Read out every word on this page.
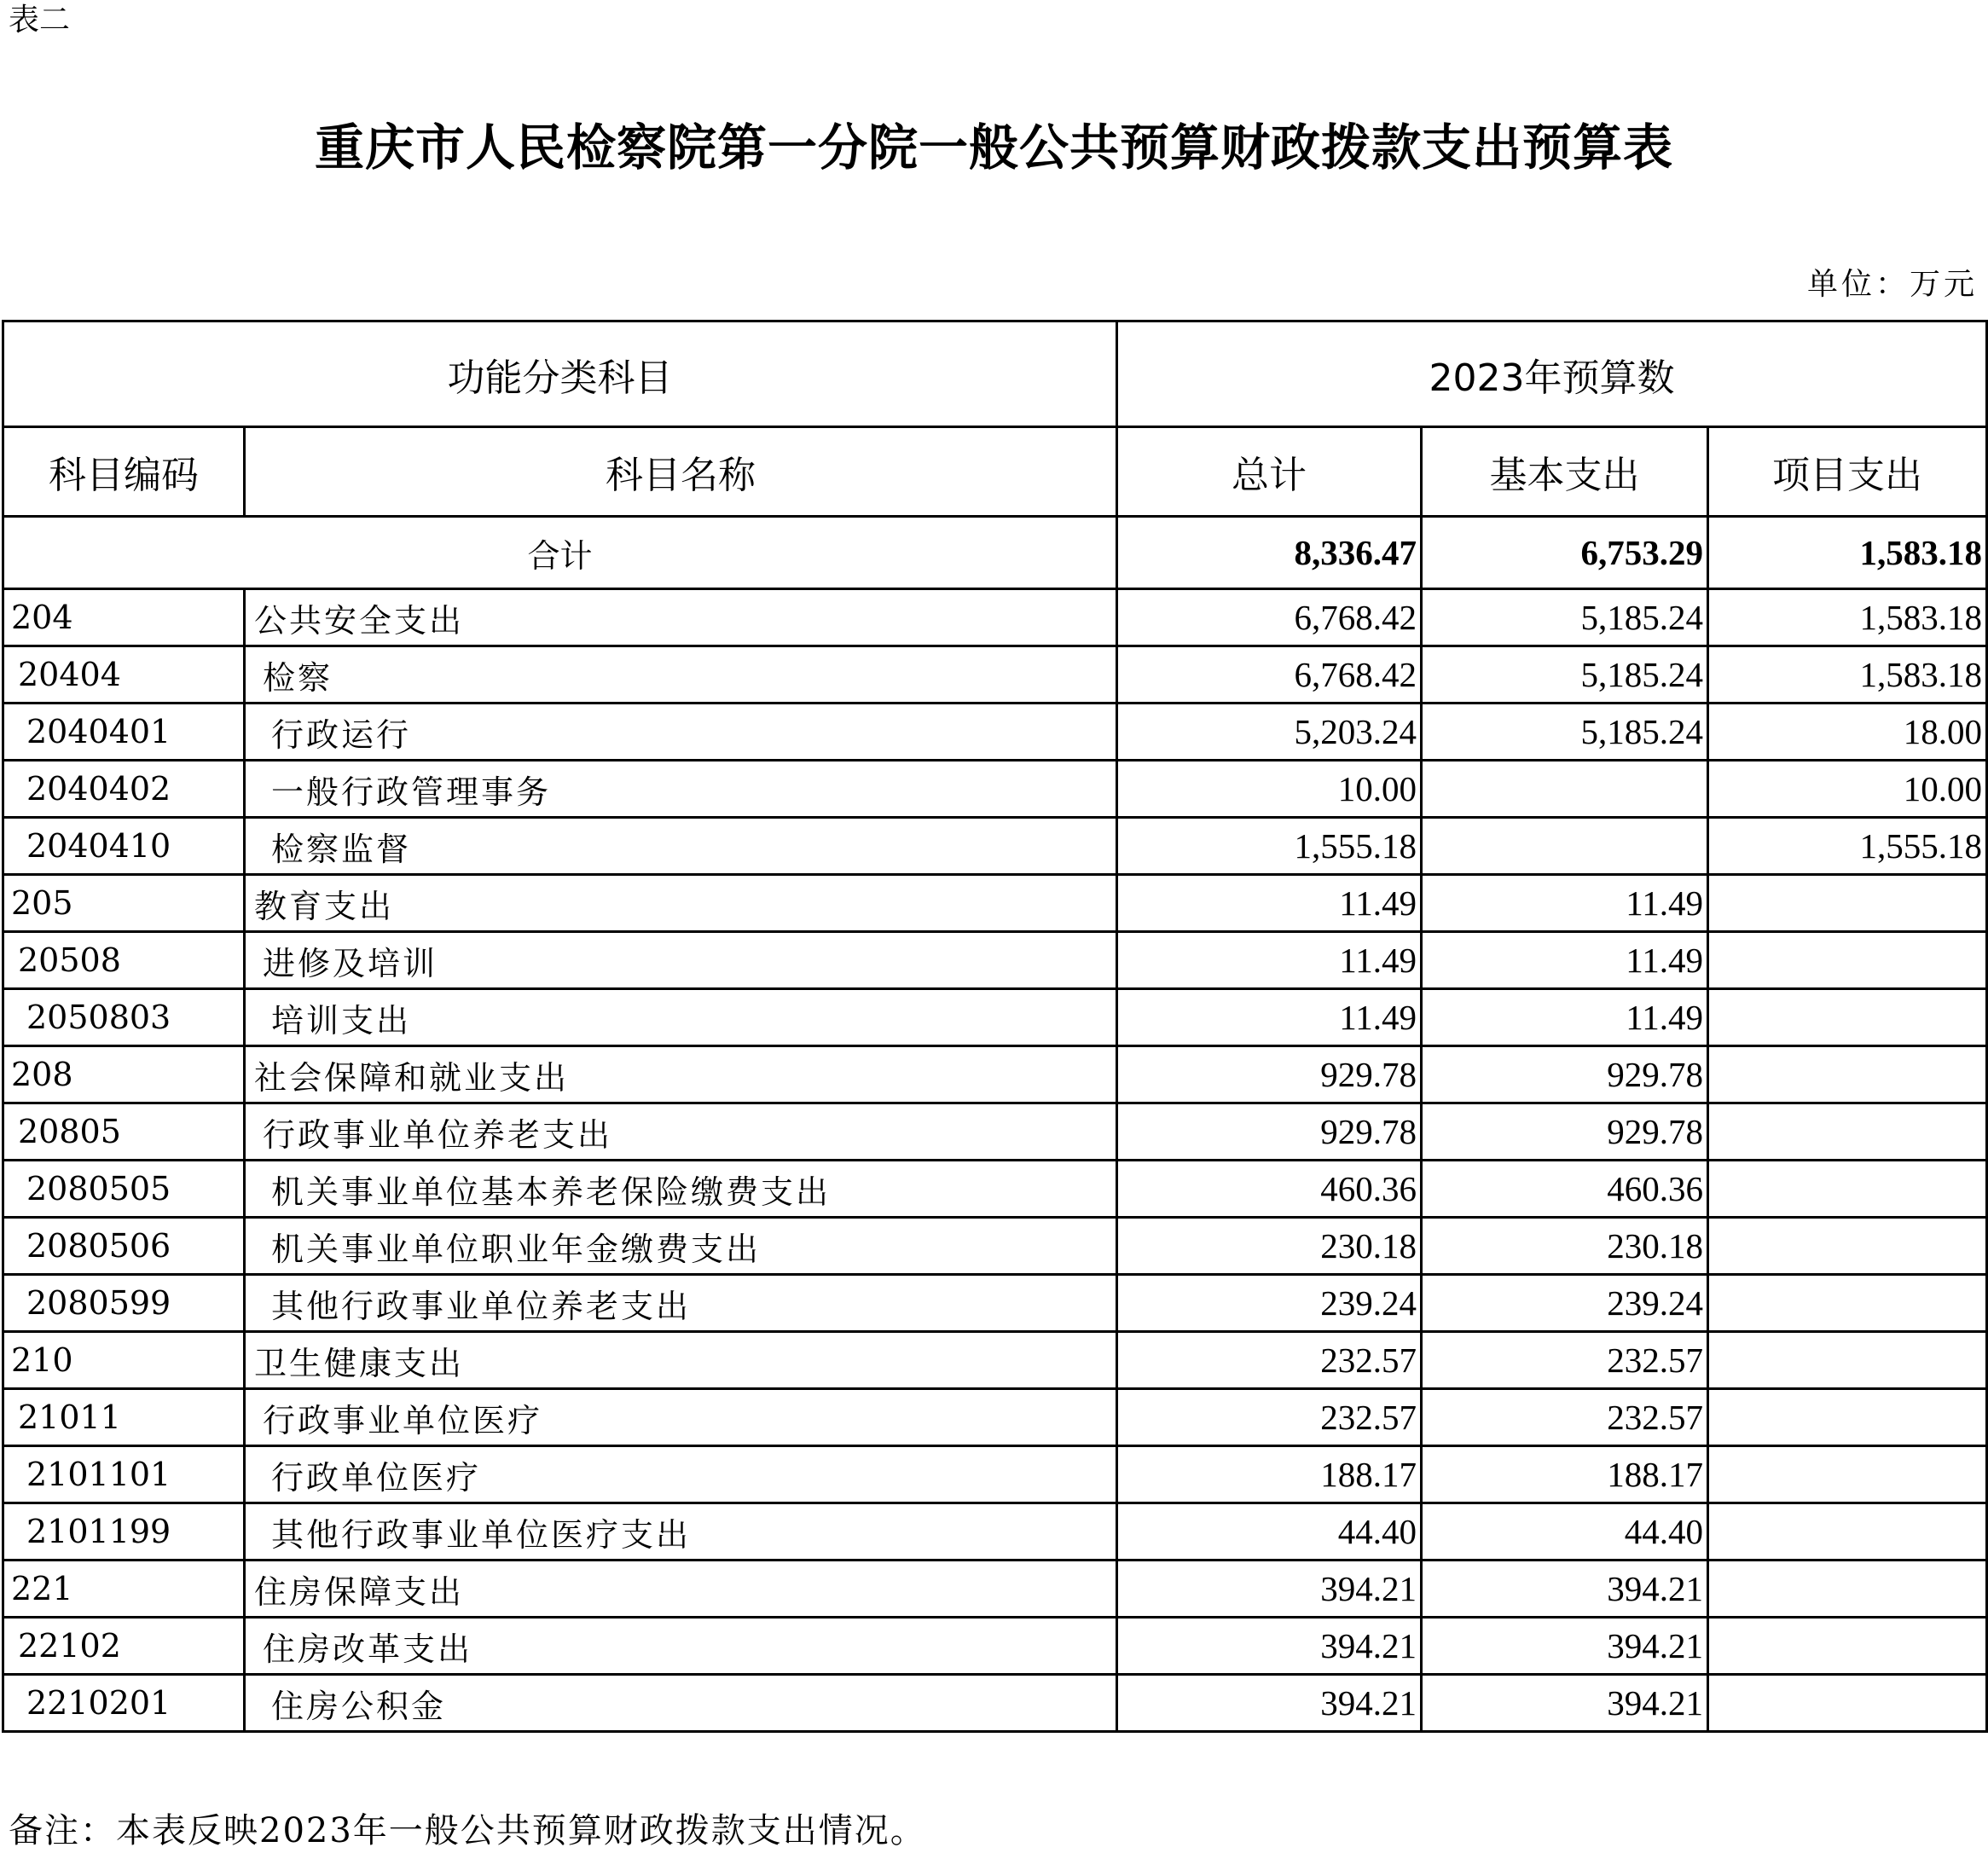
表二
重庆市人民检察院第一分院一般公共预算财政拨款支出预算表
单位：万元
功能分类科目		2023年预算数		
科目编码	科目名称	总计	基本支出	项目支出
合计		8,336.47	6,753.29	1,583.18
204	公共安全支出	6,768.42	5,185.24	1,583.18
20404	检察	6,768.42	5,185.24	1,583.18
2040401	行政运行	5,203.24	5,185.24	18.00
2040402	一般行政管理事务	10.00		10.00
2040410	检察监督	1,555.18		1,555.18
205	教育支出	11.49	11.49	
20508	进修及培训	11.49	11.49	
2050803	培训支出	11.49	11.49	
208	社会保障和就业支出	929.78	929.78	
20805	行政事业单位养老支出	929.78	929.78	
2080505	机关事业单位基本养老保险缴费支出	460.36	460.36	
2080506	机关事业单位职业年金缴费支出	230.18	230.18	
2080599	其他行政事业单位养老支出	239.24	239.24	
210	卫生健康支出	232.57	232.57	
21011	行政事业单位医疗	232.57	232.57	
2101101	行政单位医疗	188.17	188.17	
2101199	其他行政事业单位医疗支出	44.40	44.40	
221	住房保障支出	394.21	394.21	
22102	住房改革支出	394.21	394.21	
2210201	住房公积金	394.21	394.21	
备注：本表反映2023年一般公共预算财政拨款支出情况。
